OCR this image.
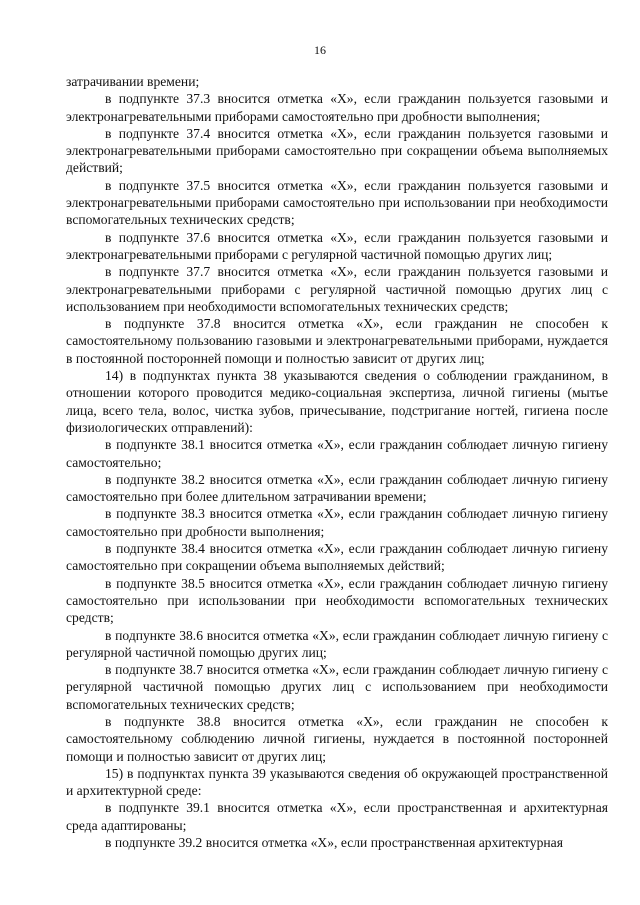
16

затрачивании времени;

в подпункте 37.3 вносится отметка «Х», если гражданин пользуется газовыми и электронагревательными приборами самостоятельно при дробности выполнения;

в подпункте 37.4 вносится отметка «Х», если гражданин пользуется газовыми и электронагревательными приборами самостоятельно при сокращении объема выполняемых действий;

в подпункте 37.5 вносится отметка «Х», если гражданин пользуется газовыми и электронагревательными приборами самостоятельно при использовании при необходимости вспомогательных технических средств;

в подпункте 37.6 вносится отметка «Х», если гражданин пользуется газовыми и электронагревательными приборами с регулярной частичной помощью других лиц;

в подпункте 37.7 вносится отметка «Х», если гражданин пользуется газовыми и электронагревательными приборами с регулярной частичной помощью других лиц с использованием при необходимости вспомогательных технических средств;

в подпункте 37.8 вносится отметка «Х», если гражданин не способен к самостоятельному пользованию газовыми и электронагревательными приборами, нуждается в постоянной посторонней помощи и полностью зависит от других лиц;

14) в подпунктах пункта 38 указываются сведения о соблюдении гражданином, в отношении которого проводится медико-социальная экспертиза, личной гигиены (мытье лица, всего тела, волос, чистка зубов, причесывание, подстригание ногтей, гигиена после физиологических отправлений):

в подпункте 38.1 вносится отметка «Х», если гражданин соблюдает личную гигиену самостоятельно;

в подпункте 38.2 вносится отметка «Х», если гражданин соблюдает личную гигиену самостоятельно при более длительном затрачивании времени;

в подпункте 38.3 вносится отметка «Х», если гражданин соблюдает личную гигиену самостоятельно при дробности выполнения;

в подпункте 38.4 вносится отметка «Х», если гражданин соблюдает личную гигиену самостоятельно при сокращении объема выполняемых действий;

в подпункте 38.5 вносится отметка «Х», если гражданин соблюдает личную гигиену самостоятельно при использовании при необходимости вспомогательных технических средств;

в подпункте 38.6 вносится отметка «Х», если гражданин соблюдает личную гигиену с регулярной частичной помощью других лиц;

в подпункте 38.7 вносится отметка «Х», если гражданин соблюдает личную гигиену с регулярной частичной помощью других лиц с использованием при необходимости вспомогательных технических средств;

в подпункте 38.8 вносится отметка «Х», если гражданин не способен к самостоятельному соблюдению личной гигиены, нуждается в постоянной посторонней помощи и полностью зависит от других лиц;

15) в подпунктах пункта 39 указываются сведения об окружающей пространственной и архитектурной среде:

в подпункте 39.1 вносится отметка «Х», если пространственная и архитектурная среда адаптированы;

в подпункте 39.2 вносится отметка «Х», если пространственная архитектурная
